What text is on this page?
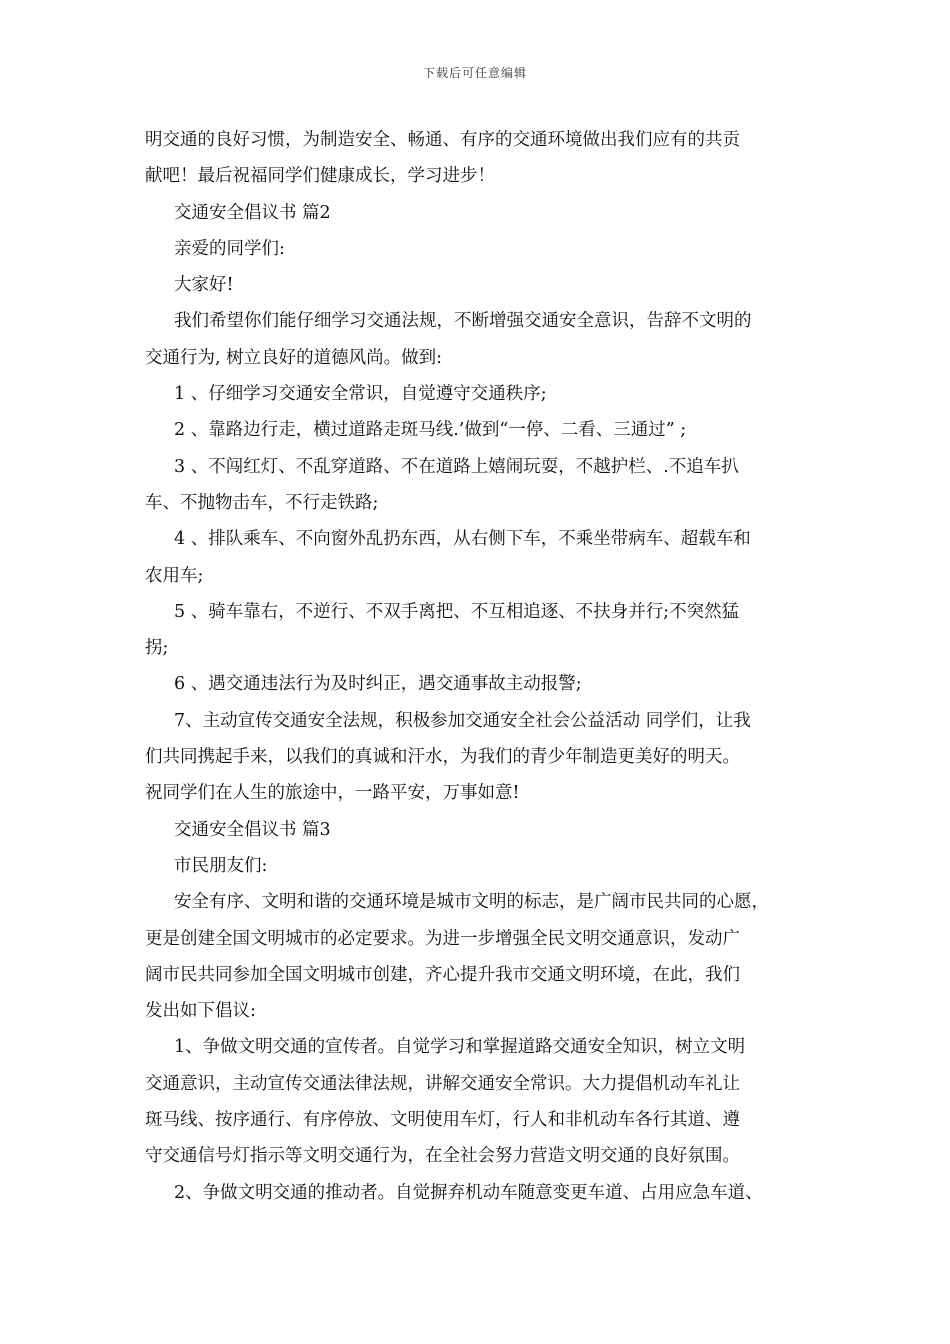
下载后可任意编辑
明交通的良好习惯，为制造安全、畅通、有序的交通环境做出我们应有的共贡
献吧！最后祝福同学们健康成长，学习进步！
交通安全倡议书 篇2
亲爱的同学们:
大家好!
我们希望你们能仔细学习交通法规，不断增强交通安全意识，告辞不文明的
交通行为, 树立良好的道德风尚。做到:
1 、仔细学习交通安全常识，自觉遵守交通秩序;
2 、靠路边行走，横过道路走斑马线.’做到“一停、二看、三通过” ;
3 、不闯红灯、不乱穿道路、不在道路上嬉闹玩耍，不越护栏、.不追车扒
车、不抛物击车，不行走铁路;
4 、排队乘车、不向窗外乱扔东西，从右侧下车，不乘坐带病车、超载车和
农用车;
5 、骑车靠右，不逆行、不双手离把、不互相追逐、不扶身并行;不突然猛
拐;
6 、遇交通违法行为及时纠正，遇交通事故主动报警;
7、主动宣传交通安全法规，积极参加交通安全社会公益活动 同学们，让我
们共同携起手来，以我们的真诚和汗水，为我们的青少年制造更美好的明天。
祝同学们在人生的旅途中，一路平安，万事如意!
交通安全倡议书 篇3
市民朋友们:
安全有序、文明和谐的交通环境是城市文明的标志，是广阔市民共同的心愿，
更是创建全国文明城市的必定要求。为进一步增强全民文明交通意识，发动广
阔市民共同参加全国文明城市创建，齐心提升我市交通文明环境，在此，我们
发出如下倡议:
1、争做文明交通的宣传者。自觉学习和掌握道路交通安全知识，树立文明
交通意识，主动宣传交通法律法规，讲解交通安全常识。大力提倡机动车礼让
斑马线、按序通行、有序停放、文明使用车灯，行人和非机动车各行其道、遵
守交通信号灯指示等文明交通行为，在全社会努力营造文明交通的良好氛围。
2、争做文明交通的推动者。自觉摒弃机动车随意变更车道、占用应急车道、
